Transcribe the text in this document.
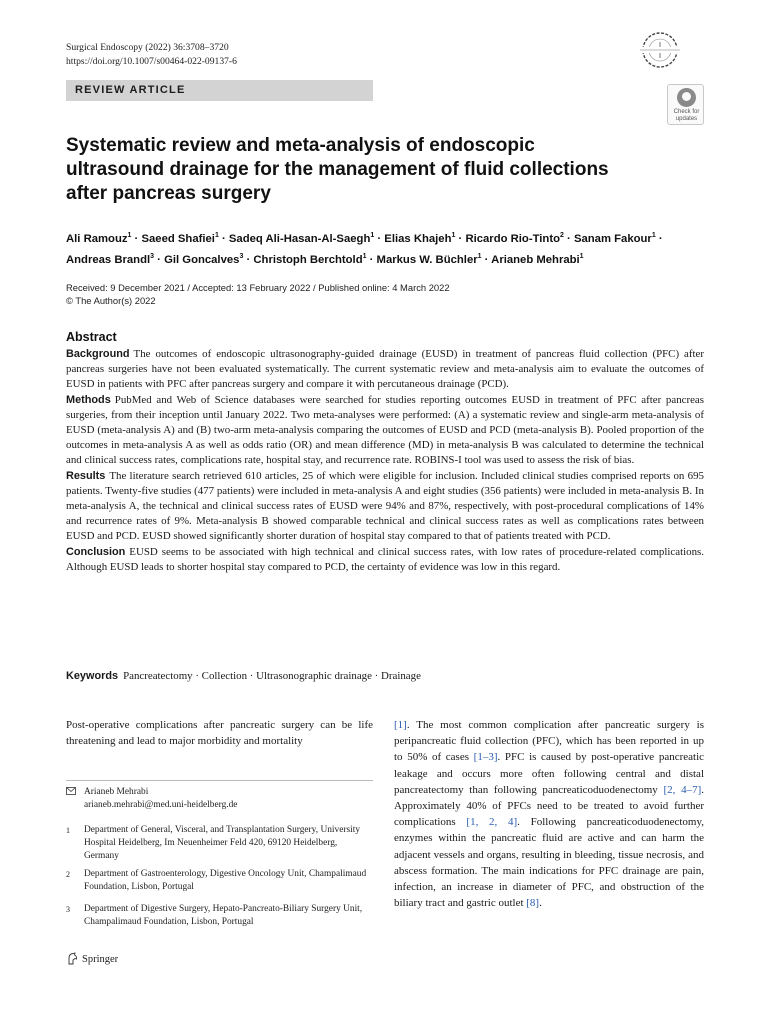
Surgical Endoscopy (2022) 36:3708–3720
https://doi.org/10.1007/s00464-022-09137-6
REVIEW ARTICLE
Check for
updates
Systematic review and meta-analysis of endoscopic ultrasound drainage for the management of fluid collections after pancreas surgery
Ali Ramouz$^1$ · Saeed Shafiei$^1$ · Sadeq Ali-Hasan-Al-Saegh$^1$ · Elias Khajeh$^1$ · Ricardo Rio-Tinto$^2$ · Sanam Fakour$^1$ ·
Andreas Brandl$^3$ · Gil Goncalves$^3$ · Christoph Berchtold$^1$ · Markus W. Büchler$^1$ · Arianeb Mehrabi$^1$
Received: 9 December 2021 / Accepted: 13 February 2022 / Published online: 4 March 2022
© The Author(s) 2022
Abstract

Background The outcomes of endoscopic ultrasonography-guided drainage (EUSD) in treatment of pancreas fluid collection (PFC) after pancreas surgeries have not been evaluated systematically. The current systematic review and meta-analysis aim to evaluate the outcomes of EUSD in patients with PFC after pancreas surgery and compare it with percutaneous drainage (PCD).

Methods PubMed and Web of Science databases were searched for studies reporting outcomes EUSD in treatment of PFC after pancreas surgeries, from their inception until January 2022. Two meta-analyses were performed: (A) a systematic review and single-arm meta-analysis of EUSD (meta-analysis A) and (B) two-arm meta-analysis comparing the outcomes of EUSD and PCD (meta-analysis B). Pooled proportion of the outcomes in meta-analysis A as well as odds ratio (OR) and mean difference (MD) in meta-analysis B was calculated to determine the technical and clinical success rates, complications rate, hospital stay, and recurrence rate. ROBINS-I tool was used to assess the risk of bias.

Results The literature search retrieved 610 articles, 25 of which were eligible for inclusion. Included clinical studies comprised reports on 695 patients. Twenty-five studies (477 patients) were included in meta-analysis A and eight studies (356 patients) were included in meta-analysis B. In meta-analysis A, the technical and clinical success rates of EUSD were 94% and 87%, respectively, with post-procedural complications of 14% and recurrence rates of 9%. Meta-analysis B showed comparable technical and clinical success rates as well as complications rates between EUSD and PCD. EUSD showed significantly shorter duration of hospital stay compared to that of patients treated with PCD.

Conclusion EUSD seems to be associated with high technical and clinical success rates, with low rates of procedure-related complications. Although EUSD leads to shorter hospital stay compared to PCD, the certainty of evidence was low in this regard.

Keywords Pancreatectomy · Collection · Ultrasonographic drainage · Drainage
Post-operative complications after pancreatic surgery can be life threatening and lead to major morbidity and mortality
[1]. The most common complication after pancreatic surgery is peripancreatic fluid collection (PFC), which has been reported in up to 50% of cases [1–3]. PFC is caused by post-operative pancreatic leakage and occurs more often following central and distal pancreatectomy than following pancreaticoduodenectomy [2, 4–7]. Approximately 40% of PFCs need to be treated to avoid further complications [1, 2, 4]. Following pancreaticoduodenectomy, enzymes within the pancreatic fluid are active and can harm the adjacent vessels and organs, resulting in bleeding, tissue necrosis, and abscess formation. The main indications for PFC drainage are pain, infection, an increase in diameter of PFC, and obstruction of the biliary tract and gastric outlet [8].
Arianeb Mehrabi
arianeb.mehrabi@med.uni-heidelberg.de
1 Department of General, Visceral, and Transplantation Surgery, University Hospital Heidelberg, Im Neuenheimer Feld 420, 69120 Heidelberg, Germany
2 Department of Gastroenterology, Digestive Oncology Unit, Champalimaud Foundation, Lisbon, Portugal
3 Department of Digestive Surgery, Hepato-Pancreato-Biliary Surgery Unit, Champalimaud Foundation, Lisbon, Portugal
Springer
